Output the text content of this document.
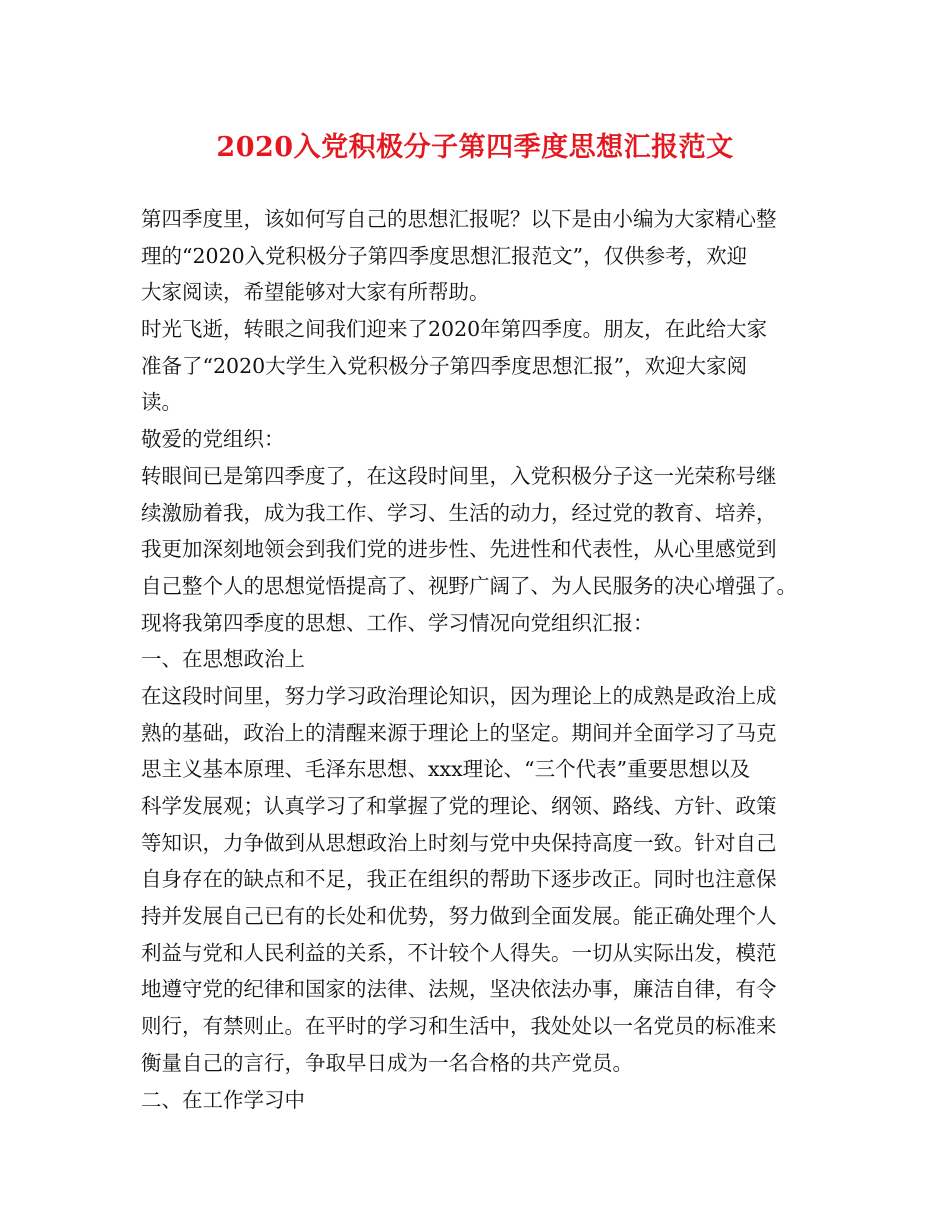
2020入党积极分子第四季度思想汇报范文
第四季度里，该如何写自己的思想汇报呢？以下是由小编为大家精心整
理的“2020入党积极分子第四季度思想汇报范文”，仅供参考，欢迎
大家阅读，希望能够对大家有所帮助。
时光飞逝，转眼之间我们迎来了2020年第四季度。朋友，在此给大家
准备了“2020大学生入党积极分子第四季度思想汇报”，欢迎大家阅
读。
敬爱的党组织：
转眼间已是第四季度了，在这段时间里，入党积极分子这一光荣称号继
续激励着我，成为我工作、学习、生活的动力，经过党的教育、培养，
我更加深刻地领会到我们党的进步性、先进性和代表性，从心里感觉到
自己整个人的思想觉悟提高了、视野广阔了、为人民服务的决心增强了。
现将我第四季度的思想、工作、学习情况向党组织汇报：
一、在思想政治上
在这段时间里，努力学习政治理论知识，因为理论上的成熟是政治上成
熟的基础，政治上的清醒来源于理论上的坚定。期间并全面学习了马克
思主义基本原理、毛泽东思想、xxx理论、“三个代表”重要思想以及
科学发展观；认真学习了和掌握了党的理论、纲领、路线、方针、政策
等知识，力争做到从思想政治上时刻与党中央保持高度一致。针对自己
自身存在的缺点和不足，我正在组织的帮助下逐步改正。同时也注意保
持并发展自己已有的长处和优势，努力做到全面发展。能正确处理个人
利益与党和人民利益的关系，不计较个人得失。一切从实际出发，模范
地遵守党的纪律和国家的法律、法规，坚决依法办事，廉洁自律，有令
则行，有禁则止。在平时的学习和生活中，我处处以一名党员的标准来
衡量自己的言行，争取早日成为一名合格的共产党员。
二、在工作学习中
